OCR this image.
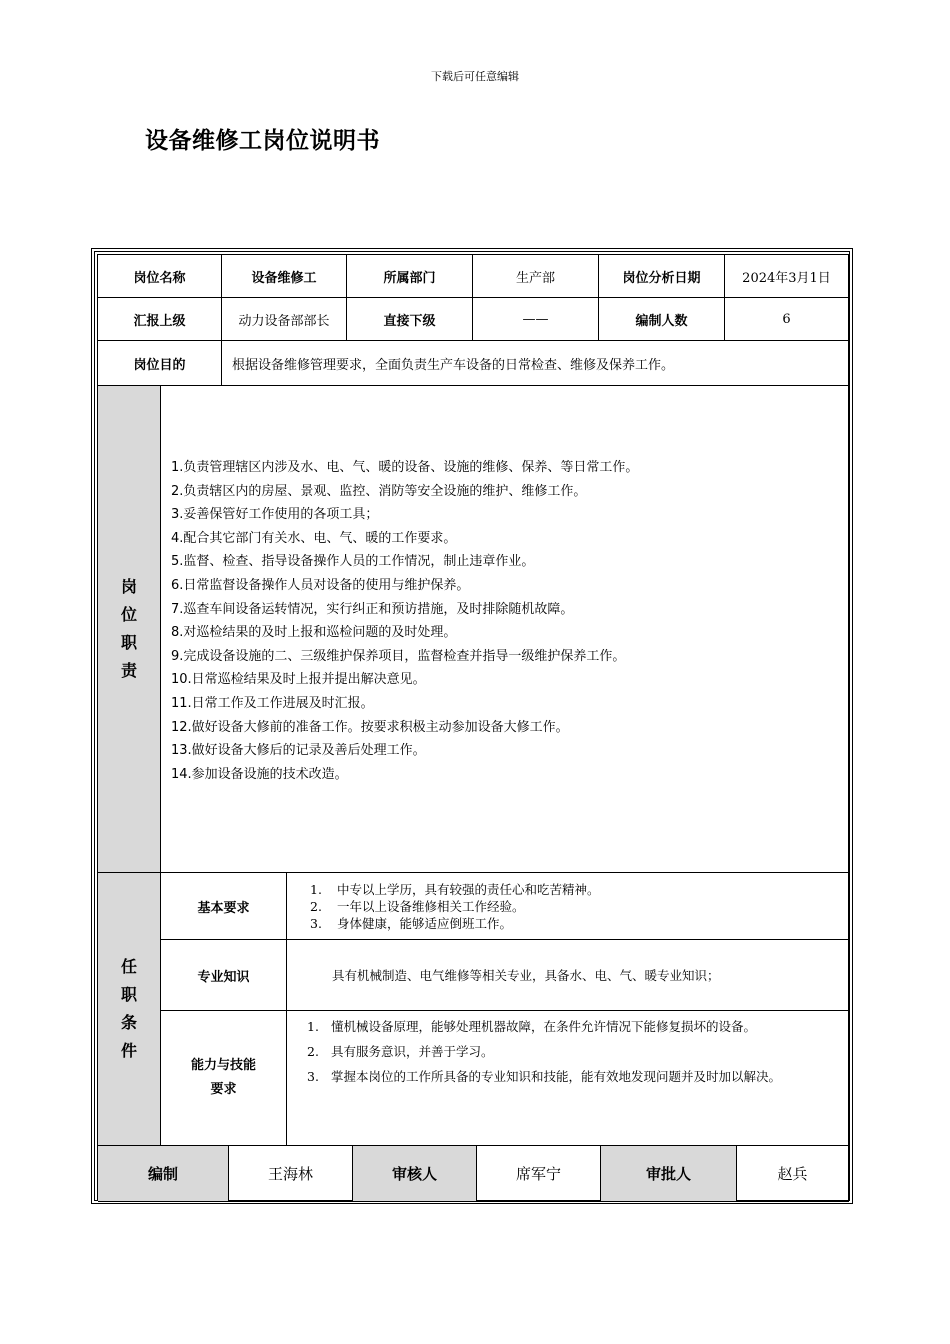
下载后可任意编辑
设备维修工岗位说明书
岗位名称	设备维修工	所属部门	生产部	岗位分析日期	2024年3月1日
汇报上级	动力设备部部长	直接下级	——	编制人数	6
岗位目的	根据设备维修管理要求，全面负责生产车设备的日常检查、维修及保养工作。
岗
位
职
责
1.负责管理辖区内涉及水、电、气、暖的设备、设施的维修、保养、等日常工作。
2.负责辖区内的房屋、景观、监控、消防等安全设施的维护、维修工作。
3.妥善保管好工作使用的各项工具；
4.配合其它部门有关水、电、气、暖的工作要求。
5.监督、检查、指导设备操作人员的工作情况，制止违章作业。
6.日常监督设备操作人员对设备的使用与维护保养。
7.巡查车间设备运转情况，实行纠正和预访措施，及时排除随机故障。
8.对巡检结果的及时上报和巡检问题的及时处理。
9.完成设备设施的二、三级维护保养项目，监督检查并指导一级维护保养工作。
10.日常巡检结果及时上报并提出解决意见。
11.日常工作及工作进展及时汇报。
12.做好设备大修前的准备工作。按要求积极主动参加设备大修工作。
13.做好设备大修后的记录及善后处理工作。
14.参加设备设施的技术改造。
任
职
条
件
基本要求
1.	中专以上学历，具有较强的责任心和吃苦精神。
2.	一年以上设备维修相关工作经验。
3.	身体健康，能够适应倒班工作。
专业知识	具有机械制造、电气维修等相关专业，具备水、电、气、暖专业知识；
能力与技能
要求
1. 懂机械设备原理，能够处理机器故障，在条件允许情况下能修复损坏的设备。
2. 具有服务意识，并善于学习。
3. 掌握本岗位的工作所具备的专业知识和技能，能有效地发现问题并及时加以解决。
编制	王海林	审核人	席军宁	审批人	赵兵
